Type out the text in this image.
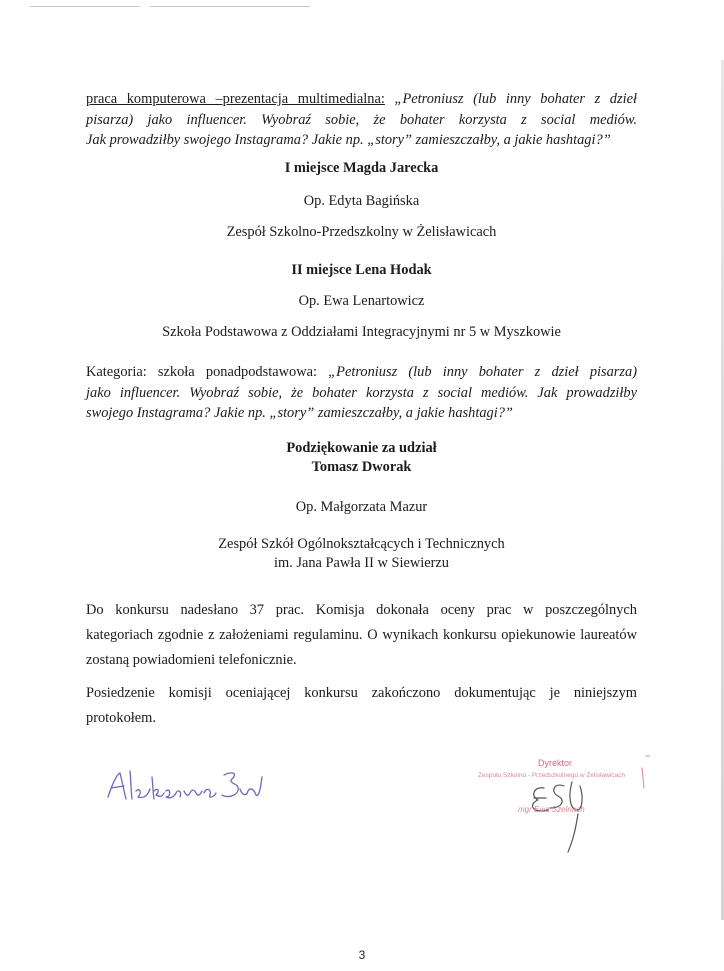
praca komputerowa –prezentacja multimedialna: „Petroniusz (lub inny bohater z dzieł
pisarza) jako influencer. Wyobraź sobie, że bohater korzysta z social mediów.
Jak prowadziłby swojego Instagrama? Jakie np. „story” zamieszczałby, a jakie hashtagi?”
I miejsce Magda Jarecka
Op. Edyta Bagińska
Zespół Szkolno-Przedszkolny w Żelisławicach
II miejsce Lena Hodak
Op. Ewa Lenartowicz
Szkoła Podstawowa z Oddziałami Integracyjnymi nr 5 w Myszkowie
Kategoria: szkoła ponadpodstawowa: „Petroniusz (lub inny bohater z dzieł pisarza)
jako influencer. Wyobraź sobie, że bohater korzysta z social mediów. Jak prowadziłby
swojego Instagrama? Jakie np. „story” zamieszczałby, a jakie hashtagi?”
Podziękowanie za udział
Tomasz Dworak
Op. Małgorzata Mazur
Zespół Szkół Ogólnokształcących i Technicznych
im. Jana Pawła II w Siewierzu
Do konkursu nadesłano 37 prac. Komisja dokonała oceny prac w poszczególnych
kategoriach zgodnie z założeniami regulaminu. O wynikach konkursu opiekunowie laureatów
zostaną powiadomieni telefonicznie.
Posiedzenie komisji oceniającej konkursu zakończono dokumentując je niniejszym
protokołem.
Dyrektor
Zespołu Szkolno - Przedszkolnego w Żelisławicach
mgr Ewa Szelnach
3
